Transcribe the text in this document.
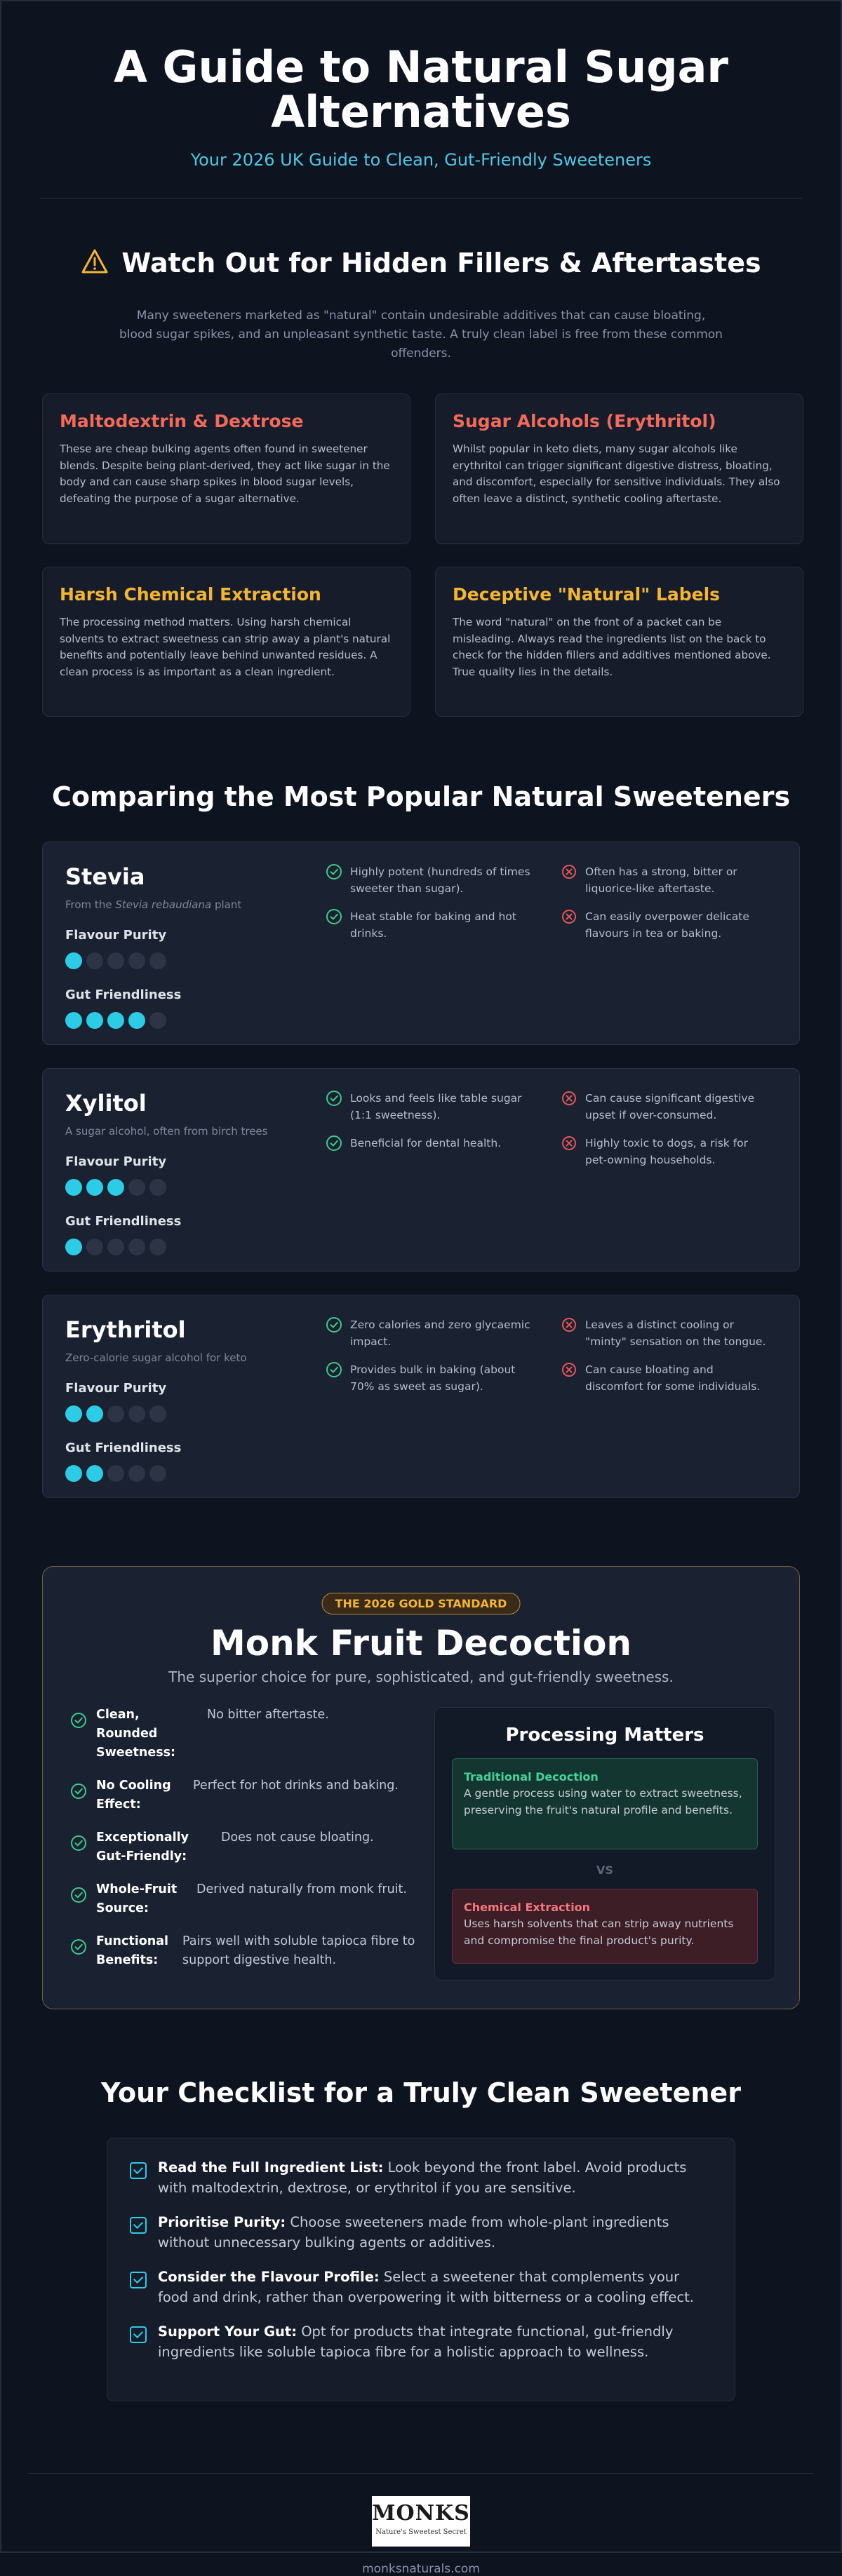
A Guide to Natural Sugar Alternatives
Your 2026 UK Guide to Clean, Gut-Friendly Sweeteners
Watch Out for Hidden Fillers & Aftertastes

Many sweeteners marketed as "natural" contain undesirable additives that can cause bloating, blood sugar spikes, and an unpleasant synthetic taste. A truly clean label is free from these common offenders.

Maltodextrin & Dextrose

These are cheap bulking agents often found in sweetener blends. Despite being plant-derived, they act like sugar in the body and can cause sharp spikes in blood sugar levels, defeating the purpose of a sugar alternative.

Sugar Alcohols (Erythritol)

Whilst popular in keto diets, many sugar alcohols like erythritol can trigger significant digestive distress, bloating, and discomfort, especially for sensitive individuals. They also often leave a distinct, synthetic cooling aftertaste.

Harsh Chemical Extraction

The processing method matters. Using harsh chemical solvents to extract sweetness can strip away a plant's natural benefits and potentially leave behind unwanted residues. A clean process is as important as a clean ingredient.

Deceptive "Natural" Labels

The word "natural" on the front of a packet can be misleading. Always read the ingredients list on the back to check for the hidden fillers and additives mentioned above. True quality lies in the details.

Comparing the Most Popular Natural Sweeteners
Stevia
From the Stevia rebaudiana plant
Flavour Purity
Gut Friendliness
Highly potent (hundreds of times sweeter than sugar).
Heat stable for baking and hot drinks.
Often has a strong, bitter or liquorice-like aftertaste.
Can easily overpower delicate flavours in tea or baking.
Xylitol
A sugar alcohol, often from birch trees
Flavour Purity
Gut Friendliness
Looks and feels like table sugar (1:1 sweetness).
Beneficial for dental health.
Can cause significant digestive upset if over-consumed.
Highly toxic to dogs, a risk for pet-owning households.
Erythritol
Zero-calorie sugar alcohol for keto
Flavour Purity
Gut Friendliness
Zero calories and zero glycaemic impact.
Provides bulk in baking (about 70% as sweet as sugar).
Leaves a distinct cooling or "minty" sensation on the tongue.
Can cause bloating and discomfort for some individuals.
THE 2026 GOLD STANDARD
Monk Fruit Decoction

The superior choice for pure, sophisticated, and gut-friendly sweetness.

Clean, Rounded Sweetness:
No bitter aftertaste.
No Cooling Effect:
Perfect for hot drinks and baking.
Exceptionally Gut-Friendly:
Does not cause bloating.
Whole-Fruit Source:
Derived naturally from monk fruit.
Functional Benefits:
Pairs well with soluble tapioca fibre to support digestive health.
Processing Matters
Traditional Decoction
A gentle process using water to extract sweetness, preserving the fruit's natural profile and benefits.
VS
Chemical Extraction
Uses harsh solvents that can strip away nutrients and compromise the final product's purity.
Your Checklist for a Truly Clean Sweetener
Read the Full Ingredient List: Look beyond the front label. Avoid products with maltodextrin, dextrose, or erythritol if you are sensitive.
Prioritise Purity: Choose sweeteners made from whole-plant ingredients without unnecessary bulking agents or additives.
Consider the Flavour Profile: Select a sweetener that complements your food and drink, rather than overpowering it with bitterness or a cooling effect.
Support Your Gut: Opt for products that integrate functional, gut-friendly ingredients like soluble tapioca fibre for a holistic approach to wellness.
MONKS
Nature's Sweetest Secret
monksnaturals.com
